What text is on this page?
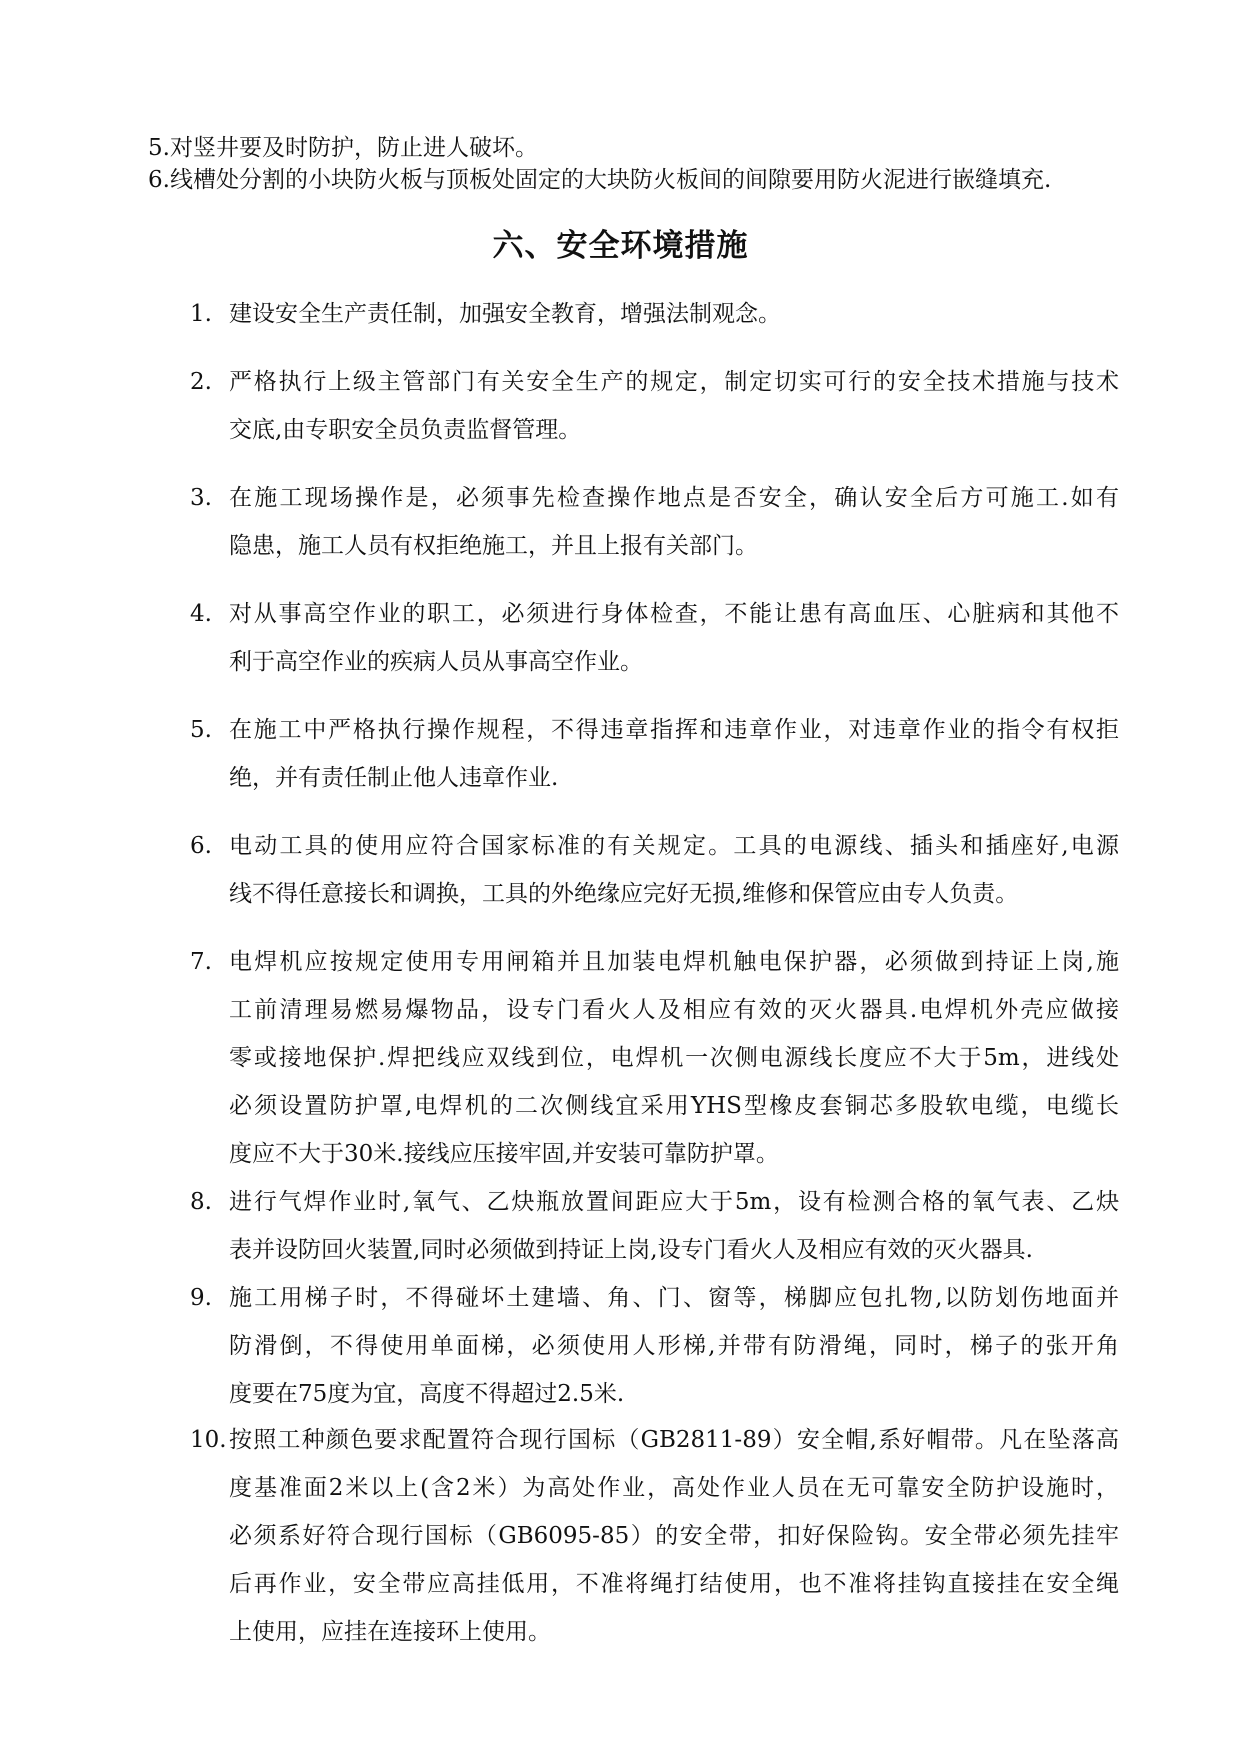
5.对竖井要及时防护，防止进人破坏。
6.线槽处分割的小块防火板与顶板处固定的大块防火板间的间隙要用防火泥进行嵌缝填充.
六、安全环境措施
1. 建设安全生产责任制，加强安全教育，增强法制观念。
2. 严格执行上级主管部门有关安全生产的规定，制定切实可行的安全技术措施与技术
交底,由专职安全员负责监督管理。
3. 在施工现场操作是，必须事先检查操作地点是否安全，确认安全后方可施工.如有
隐患，施工人员有权拒绝施工，并且上报有关部门。
4. 对从事高空作业的职工，必须进行身体检查，不能让患有高血压、心脏病和其他不
利于高空作业的疾病人员从事高空作业。
5. 在施工中严格执行操作规程，不得违章指挥和违章作业，对违章作业的指令有权拒
绝，并有责任制止他人违章作业.
6. 电动工具的使用应符合国家标准的有关规定。工具的电源线、插头和插座好,电源
线不得任意接长和调换，工具的外绝缘应完好无损,维修和保管应由专人负责。
7. 电焊机应按规定使用专用闸箱并且加装电焊机触电保护器，必须做到持证上岗,施
工前清理易燃易爆物品，设专门看火人及相应有效的灭火器具.电焊机外壳应做接
零或接地保护.焊把线应双线到位，电焊机一次侧电源线长度应不大于5m，进线处
必须设置防护罩,电焊机的二次侧线宜采用YHS型橡皮套铜芯多股软电缆，电缆长
度应不大于30米.接线应压接牢固,并安装可靠防护罩。
8. 进行气焊作业时,氧气、乙炔瓶放置间距应大于5m，设有检测合格的氧气表、乙炔
表并设防回火装置,同时必须做到持证上岗,设专门看火人及相应有效的灭火器具.
9. 施工用梯子时，不得碰坏土建墙、角、门、窗等，梯脚应包扎物,以防划伤地面并
防滑倒，不得使用单面梯，必须使用人形梯,并带有防滑绳，同时，梯子的张开角
度要在75度为宜，高度不得超过2.5米.
10. 按照工种颜色要求配置符合现行国标（GB2811-89）安全帽,系好帽带。凡在坠落高
度基准面2米以上(含2米）为高处作业，高处作业人员在无可靠安全防护设施时，
必须系好符合现行国标（GB6095-85）的安全带，扣好保险钩。安全带必须先挂牢
后再作业，安全带应高挂低用，不准将绳打结使用，也不准将挂钩直接挂在安全绳
上使用，应挂在连接环上使用。
